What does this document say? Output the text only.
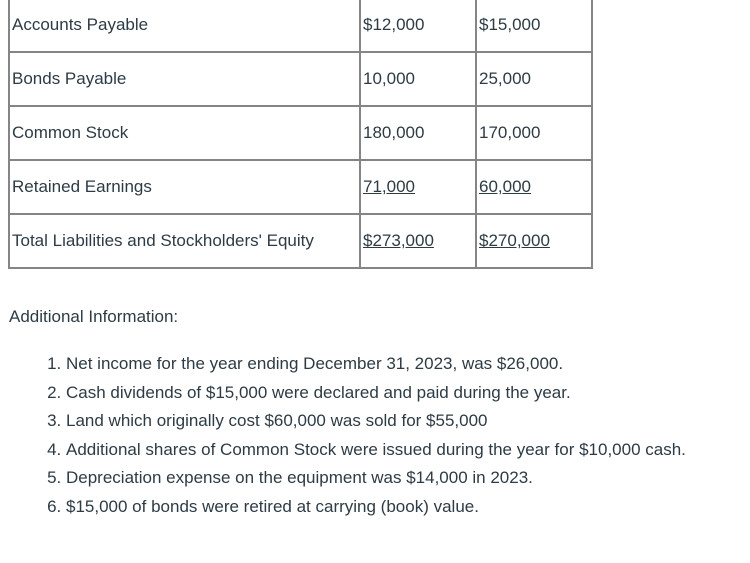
Accounts Payable	$12,000	$15,000
Bonds Payable	10,000	25,000
Common Stock	180,000	170,000
Retained Earnings	71,000	60,000
Total Liabilities and Stockholders' Equity	$273,000	$270,000
Additional Information:
1. Net income for the year ending December 31, 2023, was $26,000.
2. Cash dividends of $15,000 were declared and paid during the year.
3. Land which originally cost $60,000 was sold for $55,000
4. Additional shares of Common Stock were issued during the year for $10,000 cash.
5. Depreciation expense on the equipment was $14,000 in 2023.
6. $15,000 of bonds were retired at carrying (book) value.
